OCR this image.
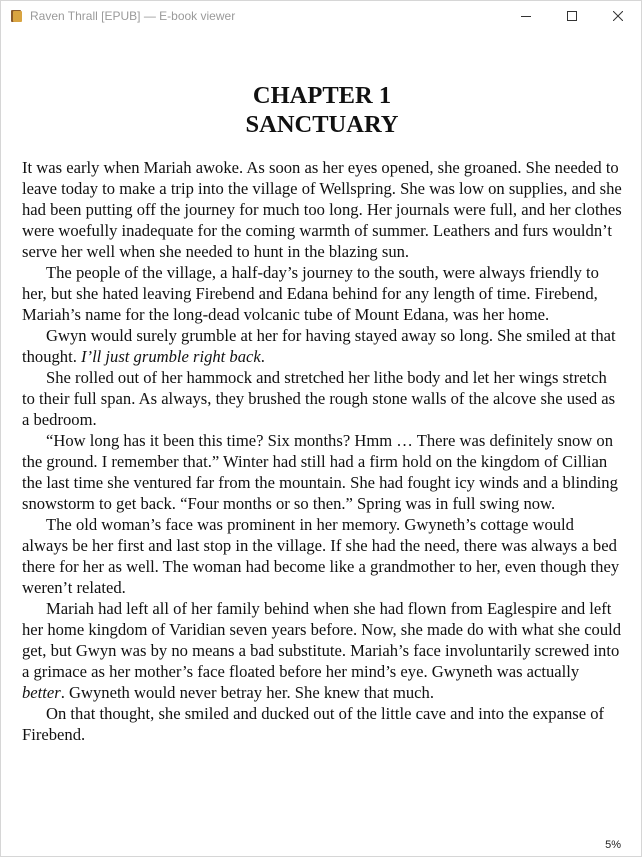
Raven Thrall [EPUB] — E-book viewer
CHAPTER 1
SANCTUARY

It was early when Mariah awoke. As soon as her eyes opened, she groaned. She needed to leave today to make a trip into the village of Wellspring. She was low on supplies, and she had been putting off the journey for much too long. Her journals were full, and her clothes were woefully inadequate for the coming warmth of summer. Leathers and furs wouldn’t serve her well when she needed to hunt in the blazing sun.

The people of the village, a half-day’s journey to the south, were always friendly to her, but she hated leaving Firebend and Edana behind for any length of time. Firebend, Mariah’s name for the long-dead volcanic tube of Mount Edana, was her home.

Gwyn would surely grumble at her for having stayed away so long. She smiled at that thought. I’ll just grumble right back.

She rolled out of her hammock and stretched her lithe body and let her wings stretch to their full span. As always, they brushed the rough stone walls of the alcove she used as a bedroom.

“How long has it been this time? Six months? Hmm … There was definitely snow on the ground. I remember that.” Winter had still had a firm hold on the kingdom of Cillian the last time she ventured far from the mountain. She had fought icy winds and a blinding snowstorm to get back. “Four months or so then.” Spring was in full swing now.

The old woman’s face was prominent in her memory. Gwyneth’s cottage would always be her first and last stop in the village. If she had the need, there was always a bed there for her as well. The woman had become like a grandmother to her, even though they weren’t related.

Mariah had left all of her family behind when she had flown from Eaglespire and left her home kingdom of Varidian seven years before. Now, she made do with what she could get, but Gwyn was by no means a bad substitute. Mariah’s face involuntarily screwed into a grimace as her mother’s face floated before her mind’s eye. Gwyneth was actually better. Gwyneth would never betray her. She knew that much.

On that thought, she smiled and ducked out of the little cave and into the expanse of Firebend.

5%
